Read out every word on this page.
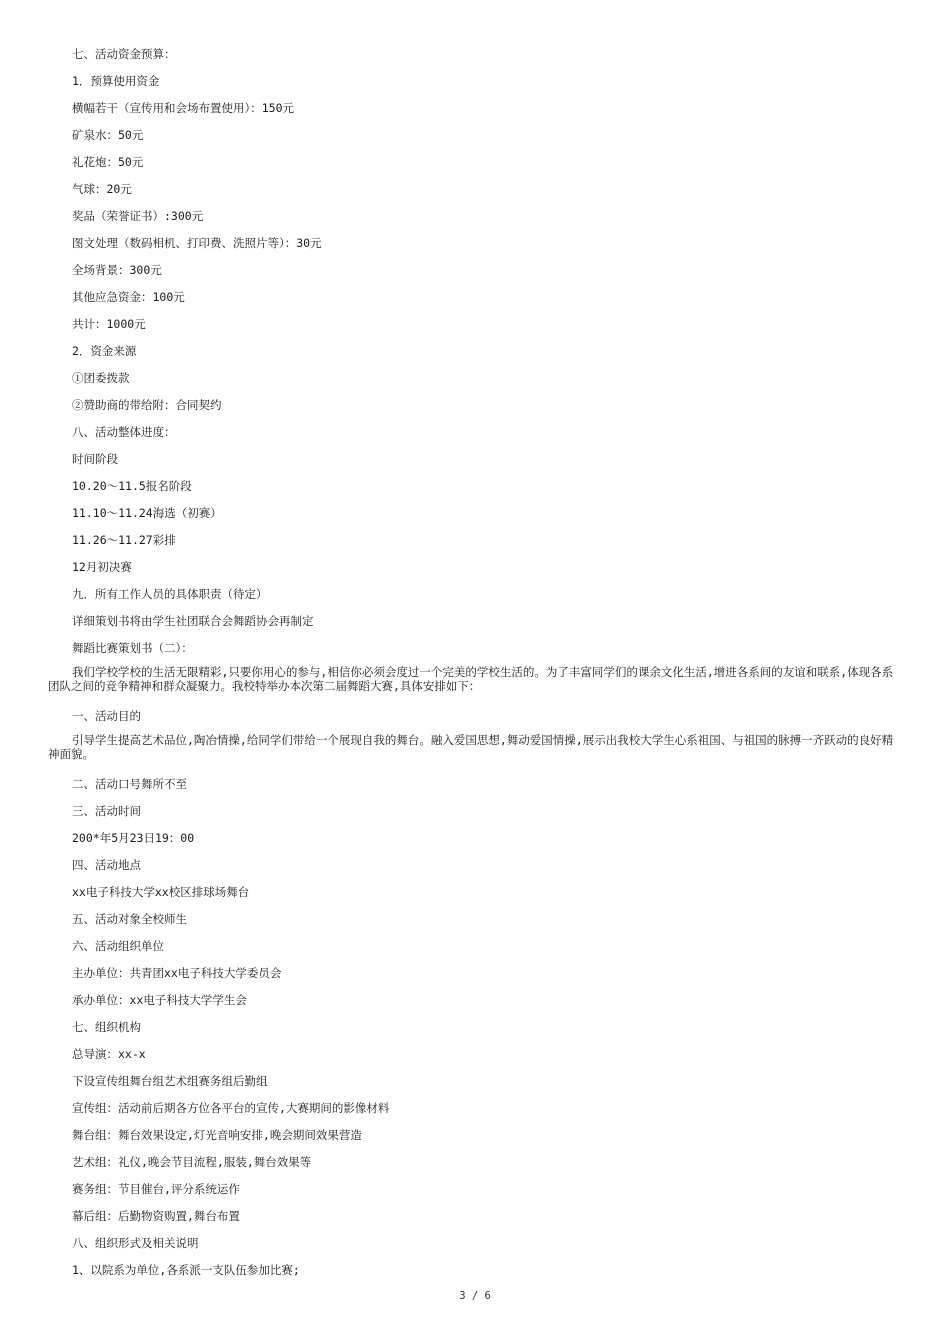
七、活动资金预算：
1．预算使用资金
横幅若干（宣传用和会场布置使用）：150元
矿泉水：50元
礼花炮：50元
气球：20元
奖品（荣誉证书）:300元
图文处理（数码相机、打印费、洗照片等）：30元
全场背景：300元
其他应急资金：100元
共计：1000元
2．资金来源
①团委拨款
②赞助商的带给附：合同契约
八、活动整体进度：
时间阶段
10.20～11.5报名阶段
11.10～11.24海选（初赛）
11.26～11.27彩排
12月初决赛
九．所有工作人员的具体职责（待定）
详细策划书将由学生社团联合会舞蹈协会再制定
舞蹈比赛策划书（二）：
我们学校学校的生活无限精彩,只要你用心的参与,相信你必须会度过一个完美的学校生活的。为了丰富同学们的课余文化生活,增进各系间的友谊和联系,体现各系团队之间的竞争精神和群众凝聚力。我校特举办本次第二届舞蹈大赛,具体安排如下：
一、活动目的
引导学生提高艺术品位,陶冶情操,给同学们带给一个展现自我的舞台。融入爱国思想,舞动爱国情操,展示出我校大学生心系祖国、与祖国的脉搏一齐跃动的良好精神面貌。
二、活动口号舞所不至
三、活动时间
200*年5月23日19：00
四、活动地点
xx电子科技大学xx校区排球场舞台
五、活动对象全校师生
六、活动组织单位
主办单位：共青团xx电子科技大学委员会
承办单位：xx电子科技大学学生会
七、组织机构
总导演：xx-x
下设宣传组舞台组艺术组赛务组后勤组
宣传组：活动前后期各方位各平台的宣传,大赛期间的影像材料
舞台组：舞台效果设定,灯光音响安排,晚会期间效果营造
艺术组：礼仪,晚会节目流程,服装,舞台效果等
赛务组：节目催台,评分系统运作
幕后组：后勤物资购置,舞台布置
八、组织形式及相关说明
1、以院系为单位,各系派一支队伍参加比赛;
3 / 6
